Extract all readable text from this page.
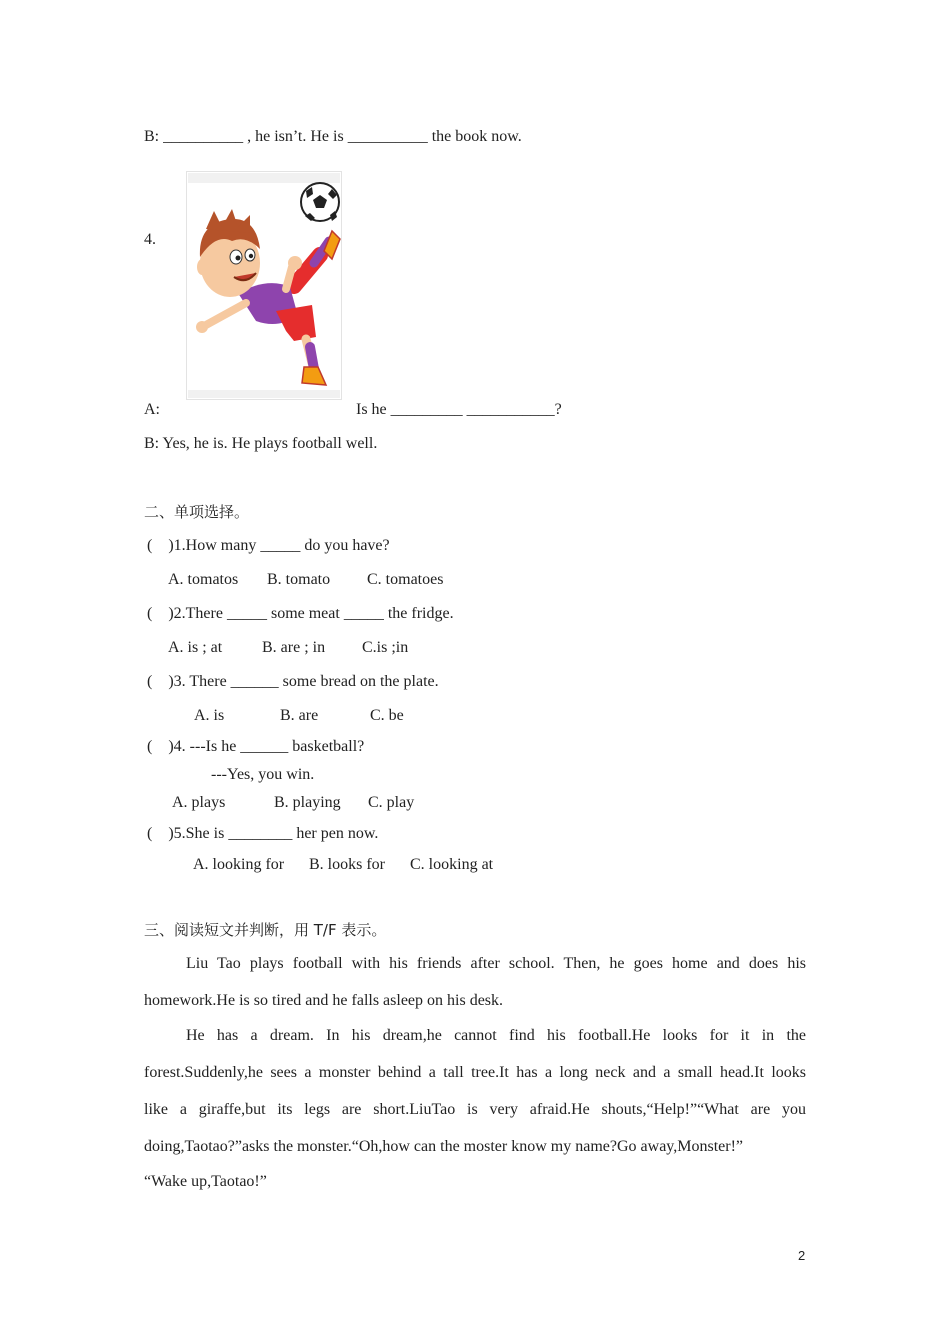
B: __________ , he isn’t. He is __________ the book now.
4.
A:	Is he _________ ___________?
B: Yes, he is. He plays football well.
二、单项选择。
(    )1.How many _____ do you have?
A. tomatos B. tomato C. tomatoes
(    )2.There _____ some meat _____ the fridge.
A. is ; at B. are ; in C.is ;in
(    )3. There ______ some bread on the plate.
A. is	B. are	C. be
(    )4. ---Is he ______ basketball?
---Yes, you win.
A. plays	B. playing C. play
(    )5.She is ________ her pen now.
A. looking for B. looks for C. looking at
三、阅读短文并判断，用 T/F 表示。
Liu Tao plays football with his friends after school. Then, he goes home and does his
homework.He is so tired and he falls asleep on his desk.
He has a dream. In his dream,he cannot find his football.He looks for it in the
forest.Suddenly,he sees a monster behind a tall tree.It has a long neck and a small head.It looks
like a giraffe,but its legs are short.LiuTao is very afraid.He shouts,“Help!”“What are you
doing,Taotao?”asks the monster.“Oh,how can the moster know my name?Go away,Monster!”
“Wake up,Taotao!”
2
